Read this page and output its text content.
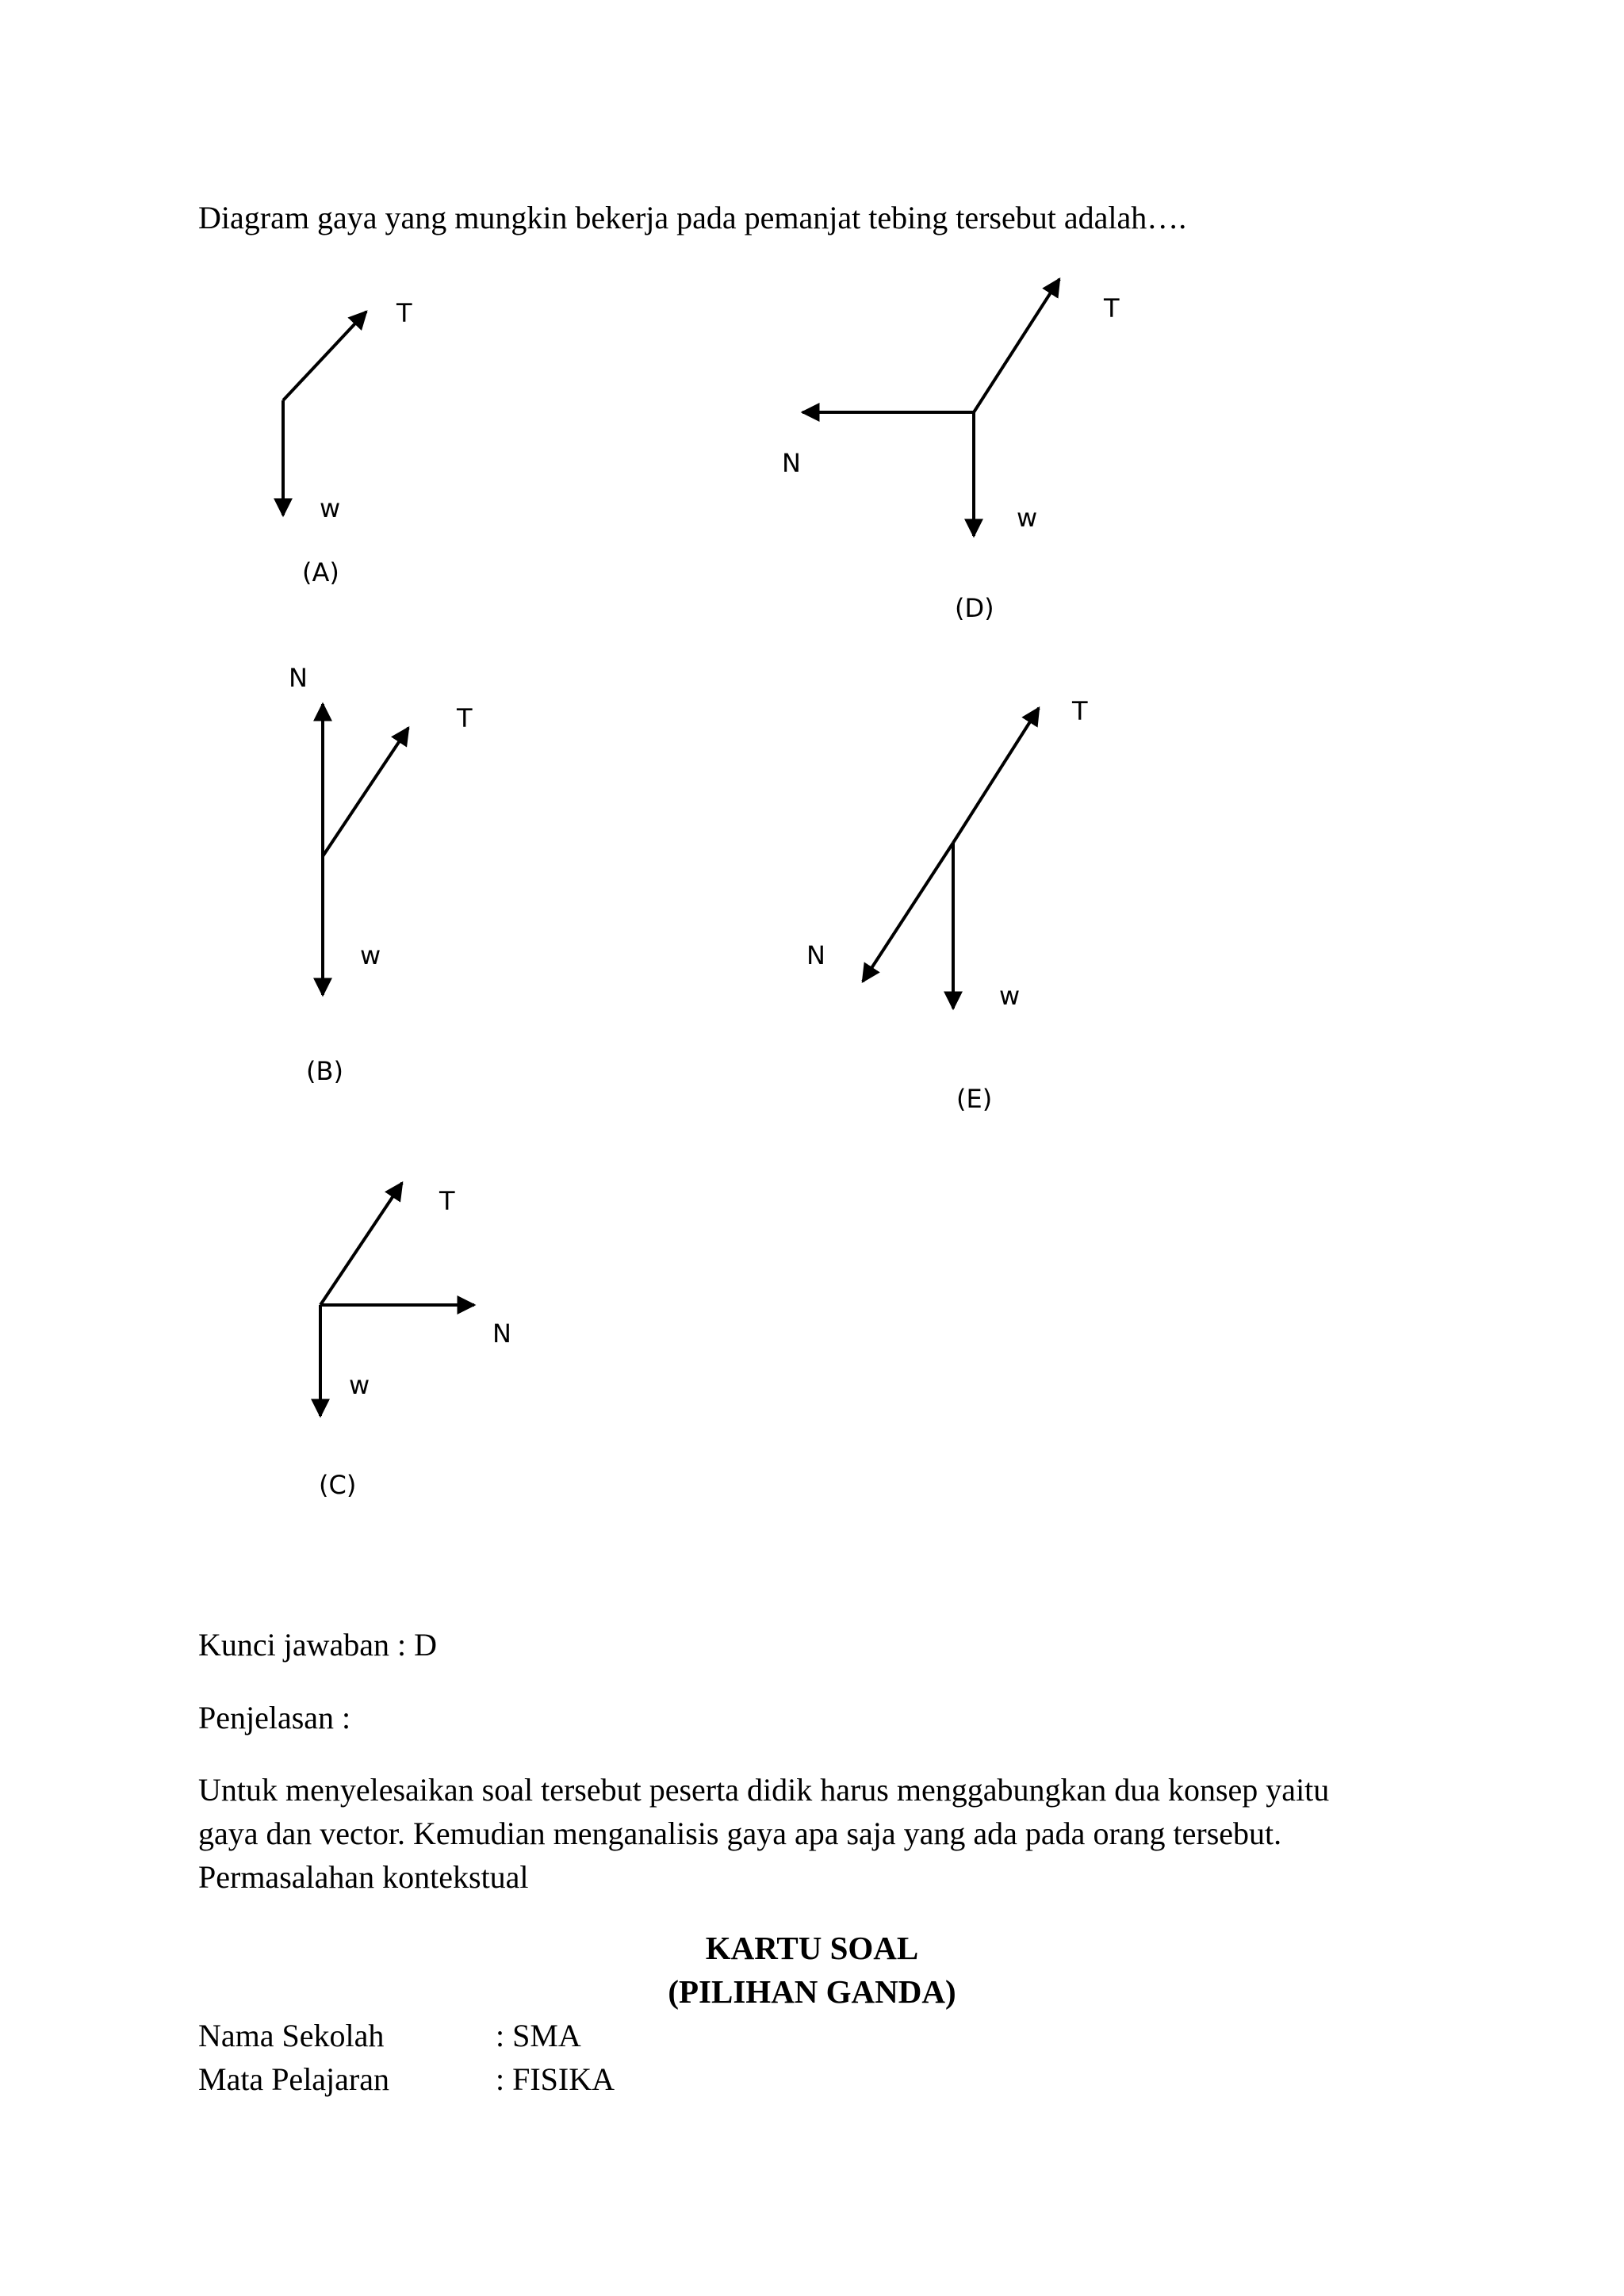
Diagram gaya yang mungkin bekerja pada pemanjat tebing tersebut adalah….
T
w
(A)
T
N
w
(D)
N
T
w
(B)
T
N
w
(E)
T
N
w
(C)
Kunci jawaban : D
Penjelasan :
Untuk menyelesaikan soal tersebut peserta didik harus menggabungkan dua konsep yaitu
gaya dan vector. Kemudian menganalisis gaya apa saja yang ada pada orang tersebut.
Permasalahan kontekstual
KARTU SOAL
(PILIHAN GANDA)
Nama Sekolah	: SMA
Mata Pelajaran	: FISIKA
